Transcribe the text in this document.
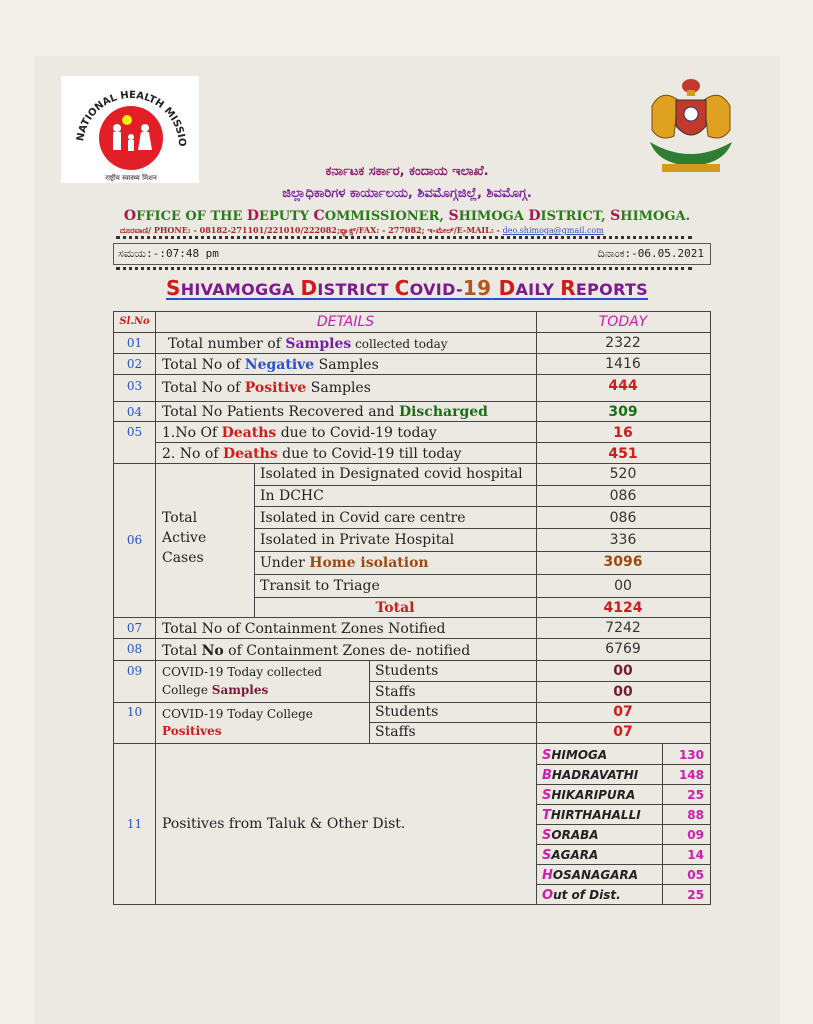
NATIONAL HEALTH MISSIO
राष्ट्रीय स्वास्थ्य मिशन	ಕರ್ನಾಟಕ ಸರ್ಕಾರ, ಕಂದಾಯ ಇಲಾಖೆ.
ಜಿಲ್ಲಾಧಿಕಾರಿಗಳ ಕಾರ್ಯಾಲಯ, ಶಿವಮೊಗ್ಗಜಿಲ್ಲೆ, ಶಿವಮೊಗ್ಗ.
OFFICE OF THE DEPUTY COMMISSIONER, SHIMOGA DISTRICT, SHIMOGA.
ದೂರವಾಣಿ/ PHONE: - 08182-271101/221010/222082;ಫ್ಯಾಕ್ಸ್/FAX: - 277082; ಇ-ಮೇಲ್/E-MAIL: - deo.shimoga@gmail.com
ಸಮಯ:-:07:48 pm	ದಿನಾಂಕ:-06.05.2021
SHIVAMOGGA DISTRICT COVID-19 DAILY REPORTS
Sl.No	DETAILS	TODAY
01	Total number of Samples collected today	2322
02	Total No of Negative Samples	1416
03	Total No of Positive Samples	444
04	Total No Patients Recovered and Discharged	309
05	1.No Of Deaths due to Covid-19 today	16
2. No of Deaths due to Covid-19 till today	451
06
Total
Active
Cases
Isolated in Designated covid hospital	520
In DCHC	086
Isolated in Covid care centre	086
Isolated in Private Hospital	336
Under Home isolation	3096
Transit to Triage	00
Total	4124
07	Total No of Containment Zones Notified	7242
08	Total No of Containment Zones de- notified	6769
09	COVID-19 Today collected
College Samples
Students	00
Staffs	00
10	COVID-19 Today College
Positives
Students	07
Staffs	07
11	Positives from Taluk & Other Dist.
SHIMOGA	130
BHADRAVATHI	148
SHIKARIPURA	25
THIRTHAHALLI	88
SORABA	09
SAGARA	14
HOSANAGARA	05
Out of Dist.	25
